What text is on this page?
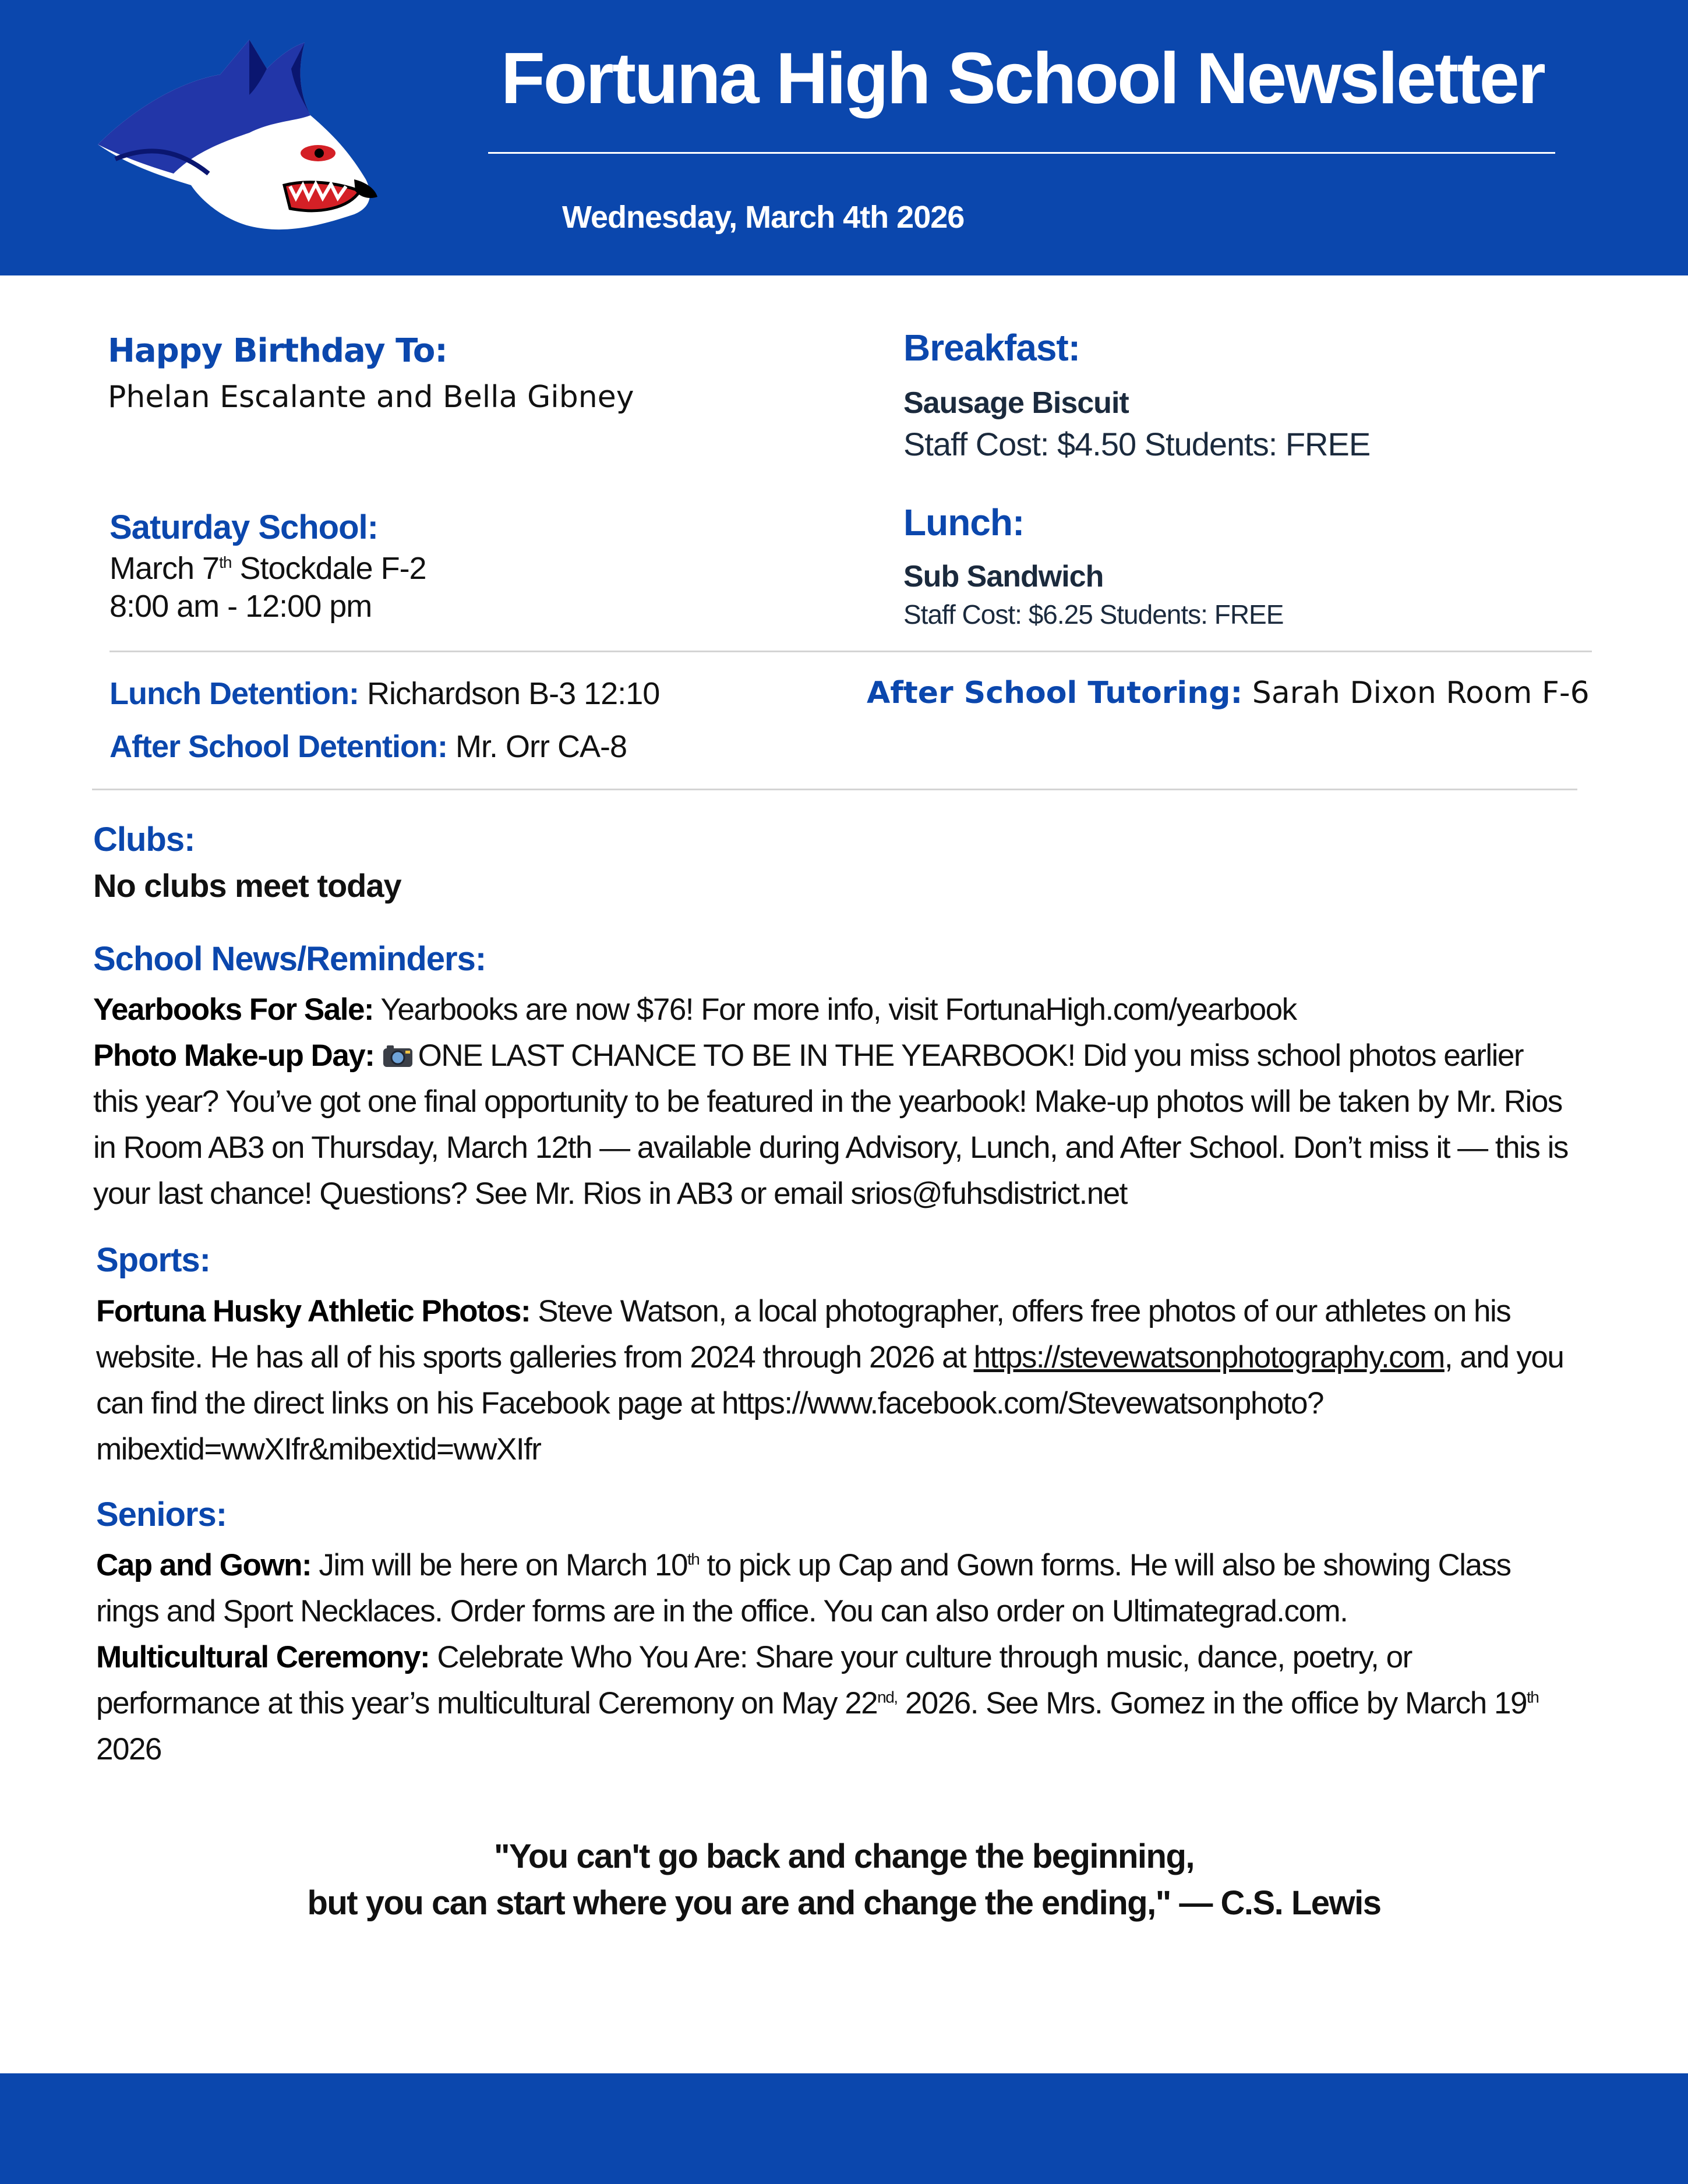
Fortuna High School Newsletter
Wednesday, March 4th 2026
Happy Birthday To:
Phelan Escalante and Bella Gibney
Saturday School:
March 7th Stockdale F-2
8:00 am - 12:00 pm
Breakfast:
Sausage Biscuit
Staff Cost: $4.50 Students: FREE
Lunch:
Sub Sandwich
Staff Cost: $6.25 Students: FREE
Lunch Detention: Richardson B-3 12:10
After School Detention: Mr. Orr CA-8
After School Tutoring: Sarah Dixon Room F-6
Clubs:
No clubs meet today
School News/Reminders:
Yearbooks For Sale: Yearbooks are now $76! For more info, visit FortunaHigh.com/yearbook
Photo Make-up Day: ONE LAST CHANCE TO BE IN THE YEARBOOK! Did you miss school photos earlier this year? You’ve got one final opportunity to be featured in the yearbook! Make-up photos will be taken by Mr. Rios in Room AB3 on Thursday, March 12th — available during Advisory, Lunch, and After School. Don’t miss it — this is your last chance! Questions? See Mr. Rios in AB3 or email srios@fuhsdistrict.net
Sports:
Fortuna Husky Athletic Photos: Steve Watson, a local photographer, offers free photos of our athletes on his website. He has all of his sports galleries from 2024 through 2026 at https://stevewatsonphotography.com, and you can find the direct links on his Facebook page at https://www.facebook.com/Stevewatsonphoto?mibextid=wwXIfr&mibextid=wwXIfr
Seniors:
Cap and Gown: Jim will be here on March 10th to pick up Cap and Gown forms. He will also be showing Class rings and Sport Necklaces. Order forms are in the office. You can also order on Ultimategrad.com.
Multicultural Ceremony: Celebrate Who You Are: Share your culture through music, dance, poetry, or performance at this year’s multicultural Ceremony on May $22^{nd,}$ 2026. See Mrs. Gomez in the office by March 19th 2026
"You can't go back and change the beginning,
but you can start where you are and change the ending," — C.S. Lewis
